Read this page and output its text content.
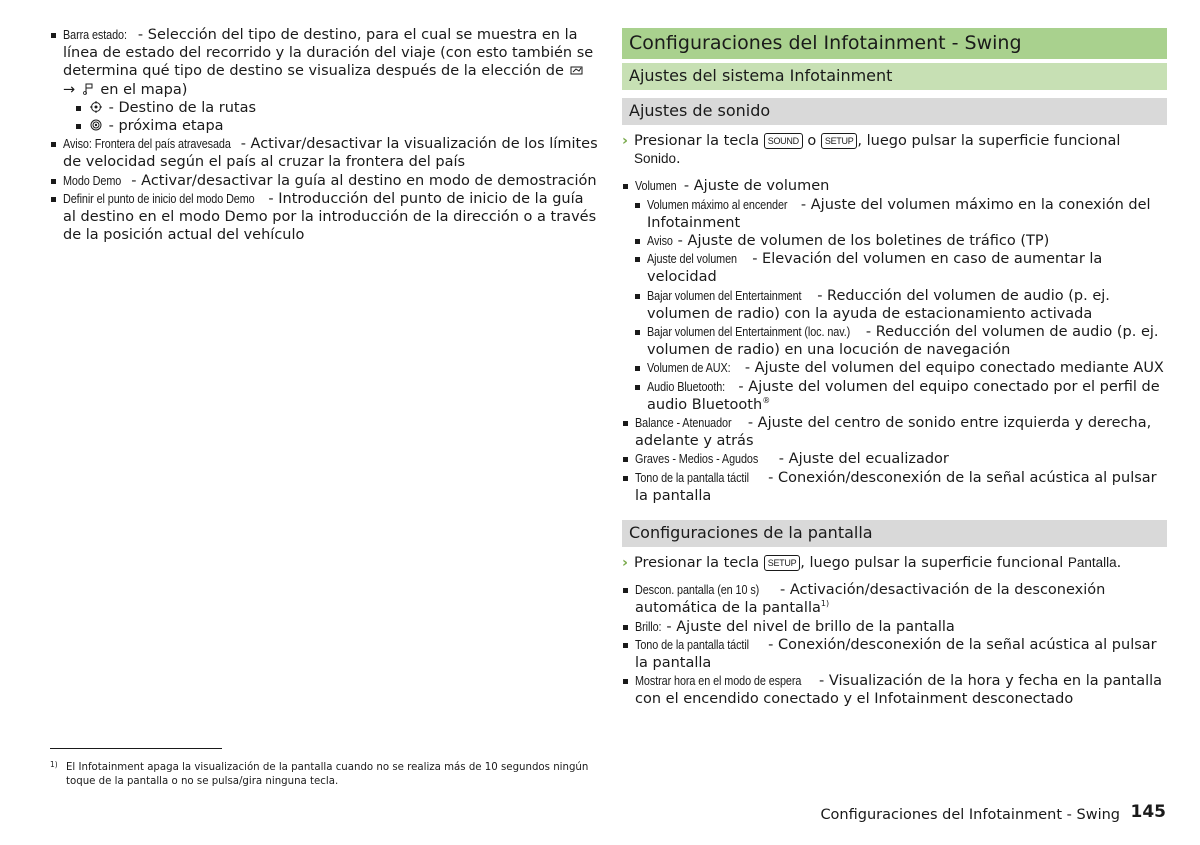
Barra estado: - Selección del tipo de destino, para el cual se muestra en la línea de estado del recorrido y la duración del viaje (con esto también se determina qué tipo de destino se visualiza después de la elección de  →  en el mapa)
- Destino de la rutas
- próxima etapa
Aviso: Frontera del país atravesada - Activar/desactivar la visualización de los límites de velocidad según el país al cruzar la frontera del país
Modo Demo - Activar/desactivar la guía al destino en modo de demostración
Definir el punto de inicio del modo Demo - Introducción del punto de inicio de la guía al destino en el modo Demo por la introducción de la dirección o a través de la posición actual del vehículo
Configuraciones del Infotainment - Swing
Ajustes del sistema Infotainment
Ajustes de sonido
› Presionar la tecla SOUND o SETUP , luego pulsar la superficie funcional Sonido.
Volumen - Ajuste de volumen
Volumen máximo al encender - Ajuste del volumen máximo en la conexión del Infotainment
Aviso - Ajuste de volumen de los boletines de tráfico (TP)
Ajuste del volumen - Elevación del volumen en caso de aumentar la velocidad
Bajar volumen del Entertainment - Reducción del volumen de audio (p. ej. volumen de radio) con la ayuda de estacionamiento activada
Bajar volumen del Entertainment (loc. nav.) - Reducción del volumen de audio (p. ej. volumen de radio) en una locución de navegación
Volumen de AUX: - Ajuste del volumen del equipo conectado mediante AUX
Audio Bluetooth: - Ajuste del volumen del equipo conectado por el perfil de audio Bluetooth®
Balance - Atenuador - Ajuste del centro de sonido entre izquierda y derecha, adelante y atrás
Graves - Medios - Agudos - Ajuste del ecualizador
Tono de la pantalla táctil - Conexión/desconexión de la señal acústica al pulsar la pantalla
Configuraciones de la pantalla
› Presionar la tecla SETUP , luego pulsar la superficie funcional Pantalla.
Descon. pantalla (en 10 s) - Activación/desactivación de la desconexión automática de la pantalla$^{1)}$
Brillo: - Ajuste del nivel de brillo de la pantalla
Tono de la pantalla táctil - Conexión/desconexión de la señal acústica al pulsar la pantalla
Mostrar hora en el modo de espera - Visualización de la hora y fecha en la pantalla con el encendido conectado y el Infotainment desconectado
1) El Infotainment apaga la visualización de la pantalla cuando no se realiza más de 10 segundos ningún toque de la pantalla o no se pulsa/gira ninguna tecla.
Configuraciones del Infotainment - Swing 145
